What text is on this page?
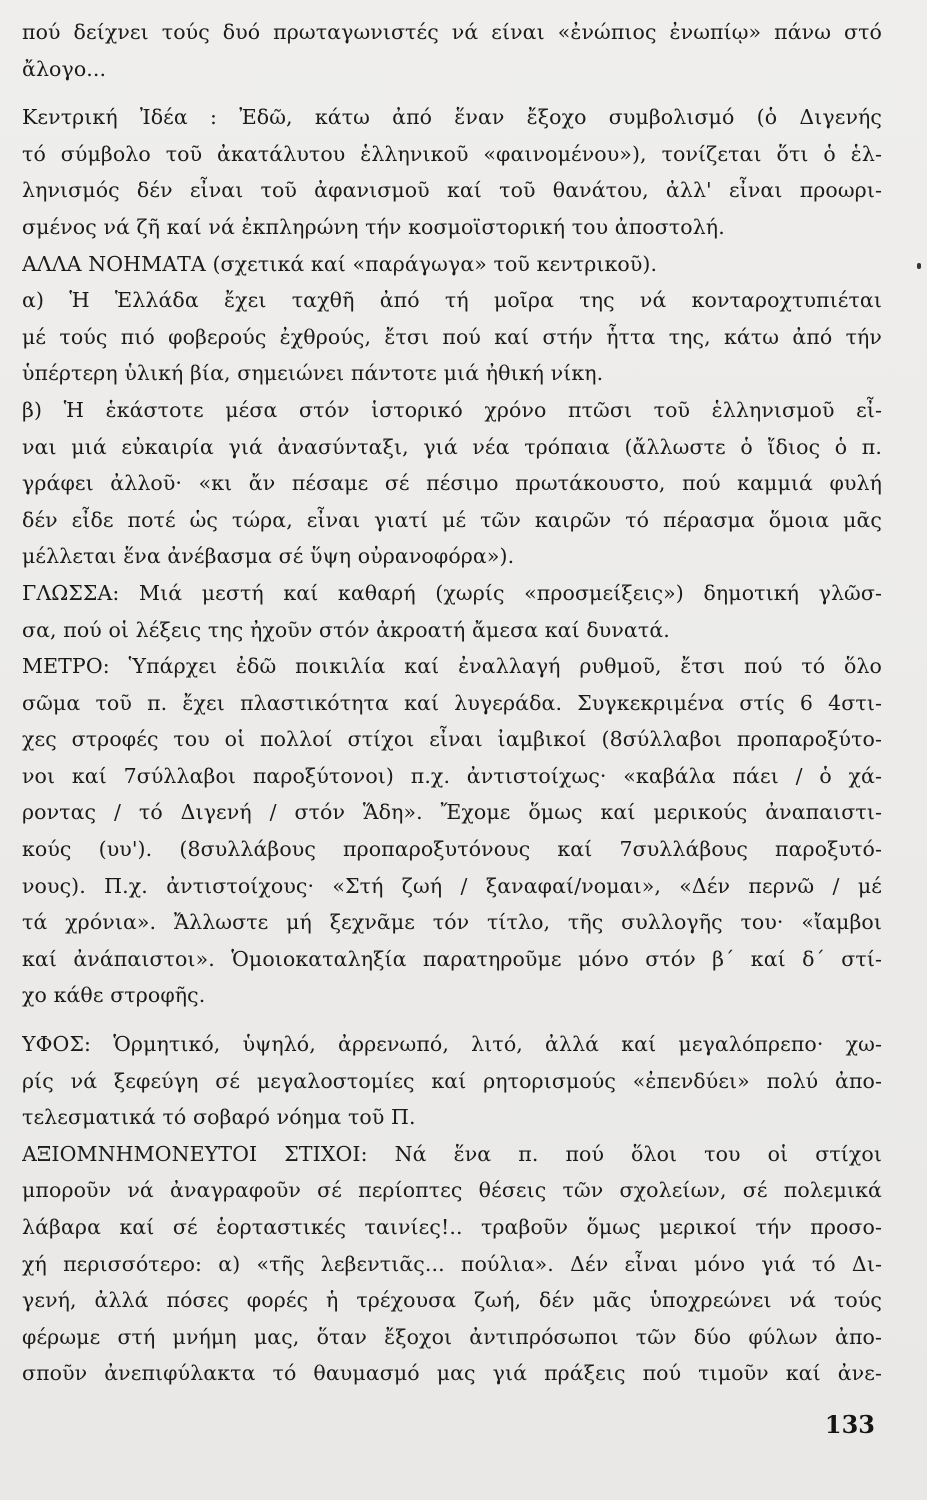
πού δείχνει τούς δυό πρωταγωνιστές νά είναι «ἐνώπιος ἐνωπίῳ» πάνω στό
ἄλογο...
Κεντρική Ἰδέα : Ἐδῶ, κάτω ἀπό ἕναν ἔξοχο συμβολισμό (ὁ Διγενής
τό σύμβολο τοῦ ἀκατάλυτου ἑλληνικοῦ «φαινομένου»), τονίζεται ὅτι ὁ ἑλ-
ληνισμός δέν εἶναι τοῦ ἀφανισμοῦ καί τοῦ θανάτου, ἀλλ' εἶναι προωρι-
σμένος νά ζῆ καί νά ἐκπληρώνη τήν κοσμοϊστορική του ἀποστολή.
ΑΛΛΑ ΝΟΗΜΑΤΑ (σχετικά καί «παράγωγα» τοῦ κεντρικοῦ).
α) Ἡ Ἑλλάδα ἔχει ταχθῆ ἀπό τή μοῖρα της νά κονταροχτυπιέται
μέ τούς πιό φοβερούς ἐχθρούς, ἔτσι πού καί στήν ἧττα της, κάτω ἀπό τήν
ὑπέρτερη ὑλική βία, σημειώνει πάντοτε μιά ἠθική νίκη.
β) Ἡ ἑκάστοτε μέσα στόν ἱστορικό χρόνο πτῶσι τοῦ ἑλληνισμοῦ εἶ-
ναι μιά εὐκαιρία γιά ἀνασύνταξι, γιά νέα τρόπαια (ἄλλωστε ὁ ἴδιος ὁ π.
γράφει ἀλλοῦ· «κι ἄν πέσαμε σέ πέσιμο πρωτάκουστο, πού καμμιά φυλή
δέν εἶδε ποτέ ὡς τώρα, εἶναι γιατί μέ τῶν καιρῶν τό πέρασμα ὅμοια μᾶς
μέλλεται ἕνα ἀνέβασμα σέ ὕψη οὐρανοφόρα»).
ΓΛΩΣΣΑ: Μιά μεστή καί καθαρή (χωρίς «προσμείξεις») δημοτική γλῶσ-
σα, πού οἱ λέξεις της ἠχοῦν στόν ἀκροατή ἄμεσα καί δυνατά.
ΜΕΤΡΟ: Ὑπάρχει ἐδῶ ποικιλία καί ἐναλλαγή ρυθμοῦ, ἔτσι πού τό ὅλο
σῶμα τοῦ π. ἔχει πλαστικότητα καί λυγεράδα. Συγκεκριμένα στίς 6 4στι-
χες στροφές του οἱ πολλοί στίχοι εἶναι ἰαμβικοί (8σύλλαβοι προπαροξύτο-
νοι καί 7σύλλαβοι παροξύτονοι) π.χ. ἀντιστοίχως· «καβάλα πάει / ὁ χά-
ροντας / τό Διγενή / στόν Ἅδη». Ἔχομε ὅμως καί μερικούς ἀναπαιστι-
κούς (υυ'). (8συλλάβους προπαροξυτόνους καί 7συλλάβους παροξυτό-
νους). Π.χ. ἀντιστοίχους· «Στή ζωή / ξαναφαί/νομαι», «Δέν περνῶ / μέ
τά χρόνια». Ἄλλωστε μή ξεχνᾶμε τόν τίτλο, τῆς συλλογῆς του· «ἴαμβοι
καί ἀνάπαιστοι». Ὁμοιοκαταληξία παρατηροῦμε μόνο στόν β΄ καί δ΄ στί-
χο κάθε στροφῆς.
ΥΦΟΣ: Ὁρμητικό, ὑψηλό, ἀρρενωπό, λιτό, ἀλλά καί μεγαλόπρεπο· χω-
ρίς νά ξεφεύγη σέ μεγαλοστομίες καί ρητορισμούς «ἐπενδύει» πολύ ἀπο-
τελεσματικά τό σοβαρό νόημα τοῦ Π.
ΑΞΙΟΜΝΗΜΟΝΕΥΤΟΙ ΣΤΙΧΟΙ: Νά ἕνα π. πού ὅλοι του οἱ στίχοι
μποροῦν νά ἀναγραφοῦν σέ περίοπτες θέσεις τῶν σχολείων, σέ πολεμικά
λάβαρα καί σέ ἑορταστικές ταινίες!.. τραβοῦν ὅμως μερικοί τήν προσο-
χή περισσότερο: α) «τῆς λεβεντιᾶς... πούλια». Δέν εἶναι μόνο γιά τό Δι-
γενή, ἀλλά πόσες φορές ἡ τρέχουσα ζωή, δέν μᾶς ὑποχρεώνει νά τούς
φέρωμε στή μνήμη μας, ὅταν ἔξοχοι ἀντιπρόσωποι τῶν δύο φύλων ἀπο-
σποῦν ἀνεπιφύλακτα τό θαυμασμό μας γιά πράξεις πού τιμοῦν καί ἀνε-
133
